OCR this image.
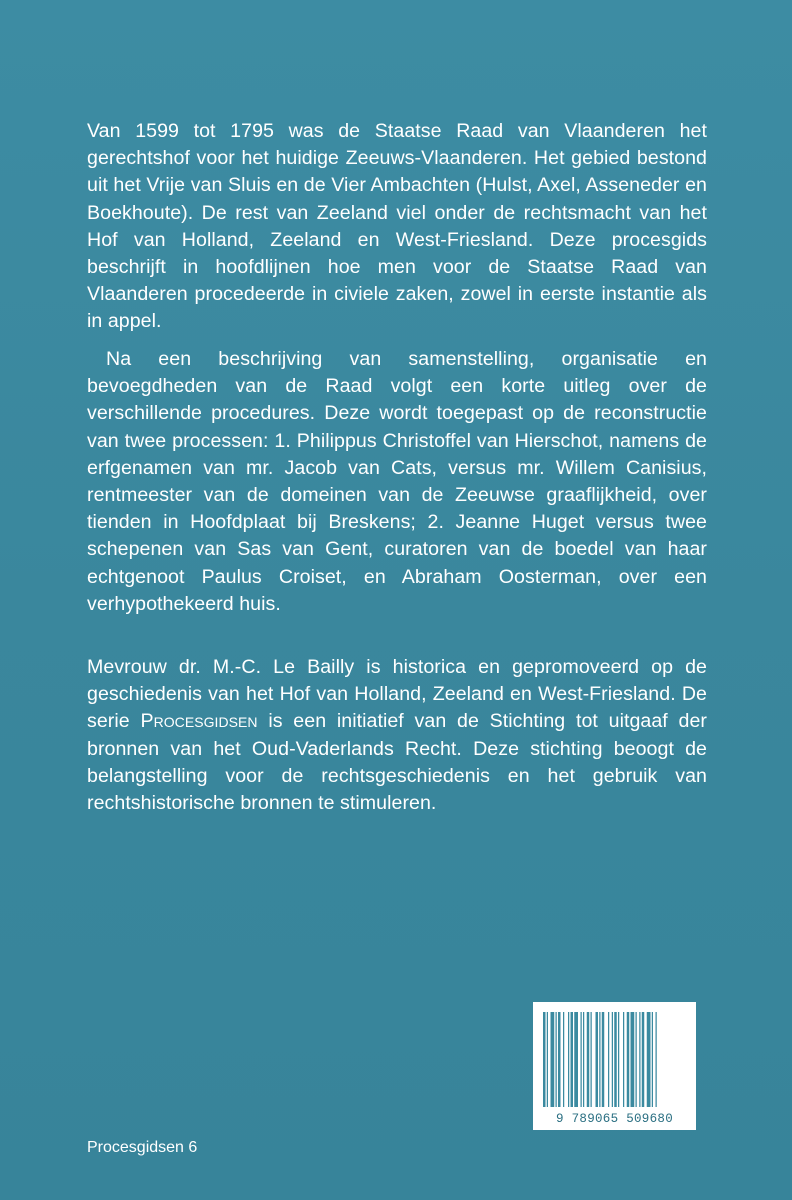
Van 1599 tot 1795 was de Staatse Raad van Vlaanderen het gerechtshof voor het huidige Zeeuws-Vlaanderen. Het gebied bestond uit het Vrije van Sluis en de Vier Ambachten (Hulst, Axel, Asseneder en Boekhoute). De rest van Zeeland viel onder de rechtsmacht van het Hof van Holland, Zeeland en West-Friesland. Deze procesgids beschrijft in hoofdlijnen hoe men voor de Staatse Raad van Vlaanderen procedeerde in civiele zaken, zowel in eerste instantie als in appel.

Na een beschrijving van samenstelling, organisatie en bevoegdheden van de Raad volgt een korte uitleg over de verschillende procedures. Deze wordt toegepast op de reconstructie van twee processen: 1. Philippus Christoffel van Hierschot, namens de erfgenamen van mr. Jacob van Cats, versus mr. Willem Canisius, rentmeester van de domeinen van de Zeeuwse graaflijkheid, over tienden in Hoofdplaat bij Breskens; 2. Jeanne Huget versus twee schepenen van Sas van Gent, curatoren van de boedel van haar echtgenoot Paulus Croiset, en Abraham Oosterman, over een verhypothekeerd huis.

Mevrouw dr. M.-C. Le Bailly is historica en gepromoveerd op de geschiedenis van het Hof van Holland, Zeeland en West-Friesland. De serie Procesgidsen is een initiatief van de Stichting tot uitgaaf der bronnen van het Oud-Vaderlands Recht. Deze stichting beoogt de belangstelling voor de rechtsgeschiedenis en het gebruik van rechtshistorische bronnen te stimuleren.

Procesgidsen 6
9 789065 509680
